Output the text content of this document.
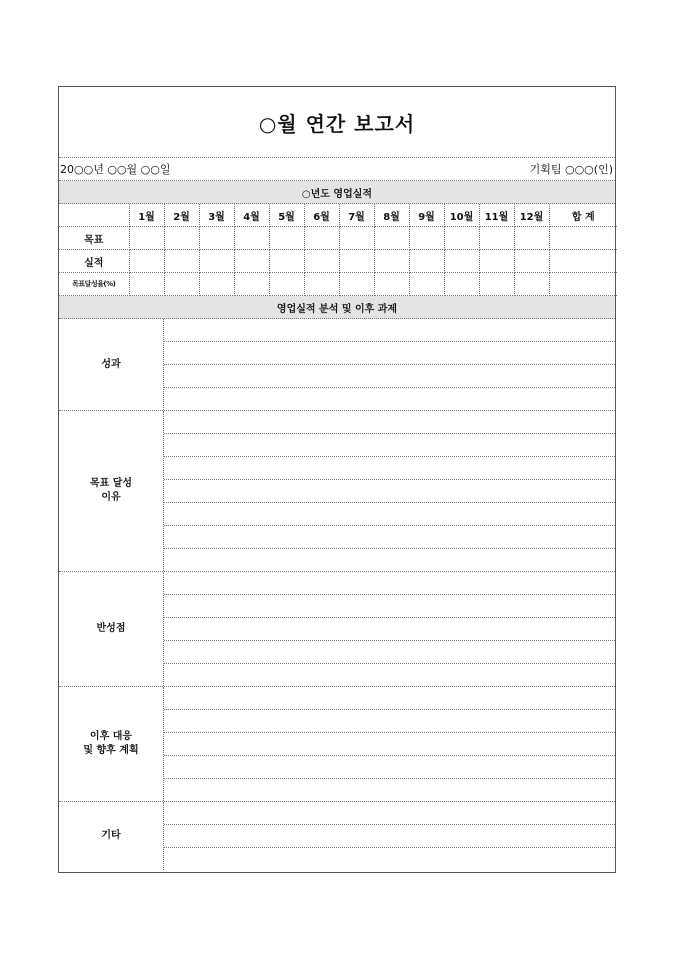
○월 연간 보고서
20○○년 ○○월 ○○일	기획팀 ○○○(인)
○년도 영업실적
	1월	2월	3월	4월	5월	6월	7월	8월	9월	10월	11월	12월	합 계
목표													
실적													
목표달성율(%)													
영업실적 분석 및 이후 과제
성과
목표 달성
이유
반성점
이후 대응
및 향후 계획
기타
